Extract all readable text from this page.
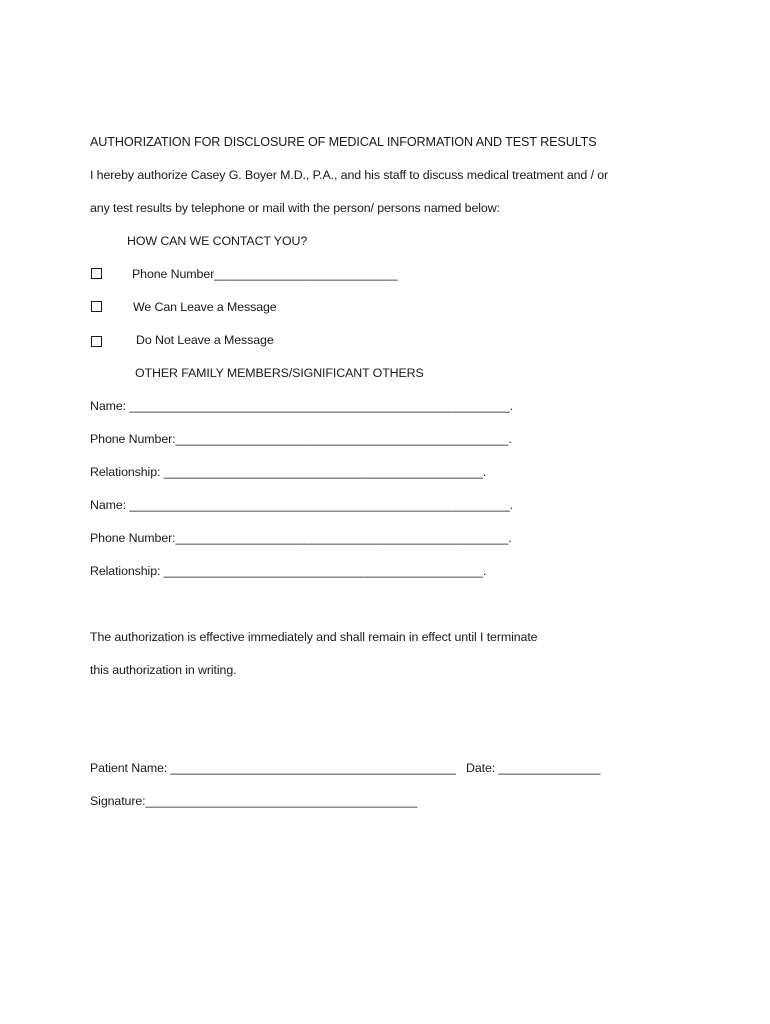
AUTHORIZATION FOR DISCLOSURE OF MEDICAL INFORMATION AND TEST RESULTS
I hereby authorize Casey G. Boyer M.D., P.A., and his staff to discuss medical treatment and / or
any test results by telephone or mail with the person/ persons named below:
HOW CAN WE CONTACT YOU?
Phone Number___________________________
We Can Leave a Message
Do Not Leave a Message
OTHER FAMILY MEMBERS/SIGNIFICANT OTHERS
Name: ________________________________________________________.
Phone Number:_________________________________________________.
Relationship: _______________________________________________.
Name: ________________________________________________________.
Phone Number:_________________________________________________.
Relationship: _______________________________________________.
The authorization is effective immediately and shall remain in effect until I terminate
this authorization in writing.
Patient Name: __________________________________________ Date: _______________
Signature:________________________________________
